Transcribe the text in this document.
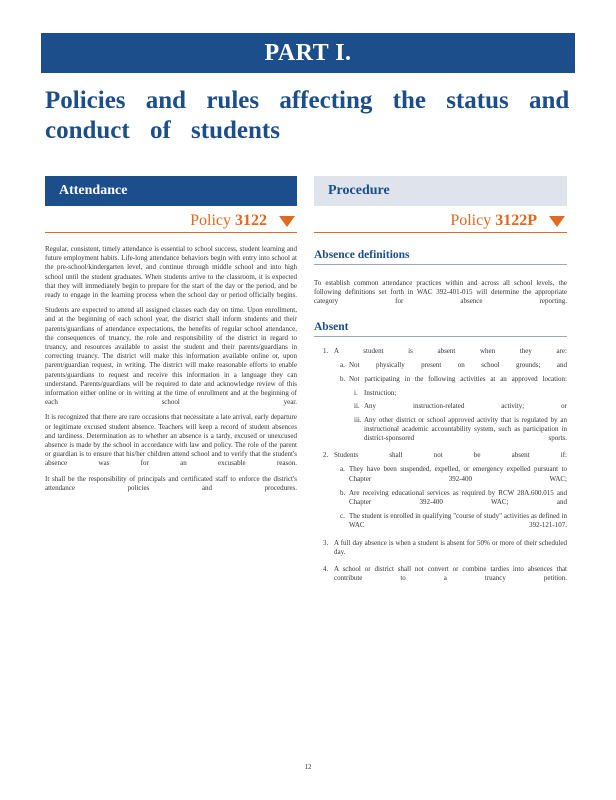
PART I.
Policies and rules affecting the status and conduct of students
Attendance
Policy 3122

Regular, consistent, timely attendance is essential to school success, student learning and future employment habits. Life-long attendance behaviors begin with entry into school at the pre-school/kindergarten level, and continue through middle school and into high school until the student graduates. When students arrive to the classroom, it is expected that they will immediately begin to prepare for the start of the day or the period, and be ready to engage in the learning process when the school day or period officially begins.

Students are expected to attend all assigned classes each day on time. Upon enrollment, and at the beginning of each school year, the district shall inform students and their parents/guardians of attendance expectations, the benefits of regular school attendance, the consequences of truancy, the role and responsibility of the district in regard to truancy, and resources available to assist the student and their parents/guardians in correcting truancy. The district will make this information available online or, upon parent/guardian request, in writing. The district will make reasonable efforts to enable parents/guardians to request and receive this information in a language they can understand. Parents/guardians will be required to date and acknowledge review of this information either online or in writing at the time of enrollment and at the beginning of each school year.

It is recognized that there are rare occasions that necessitate a late arrival, early departure or legitimate excused student absence. Teachers will keep a record of student absences and tardiness. Determination as to whether an absence is a tardy, excused or unexcused absence is made by the school in accordance with law and policy. The role of the parent or guardian is to ensure that his/her children attend school and to verify that the student's absence was for an excusable reason.

It shall be the responsibility of principals and certificated staff to enforce the district's attendance policies and procedures.

Procedure
Policy 3122P
Absence definitions

To establish common attendance practices within and across all school levels, the following definitions set forth in WAC 392-401-015 will determine the appropriate category for absence reporting.

Absent
1. A student is absent when they are:
a. Not physically present on school grounds; and
b. Not participating in the following activities at an approved location:
i. Instruction;
ii. Any instruction-related activity; or
iii. Any other district or school approved activity that is regulated by an instructional academic accountability system, such as participation in district-sponsored sports.
2. Students shall not be absent if:
a. They have been suspended, expelled, or emergency expelled pursuant to Chapter 392-400 WAC;
b. Are receiving educational services as required by RCW 28A.600.015 and Chapter 392-400 WAC; and
c. The student is enrolled in qualifying "course of study" activities as defined in WAC 392-121-107.
3. A full day absence is when a student is absent for 50% or more of their scheduled day.
4. A school or district shall not convert or combine tardies into absences that contribute to a truancy petition.
12
